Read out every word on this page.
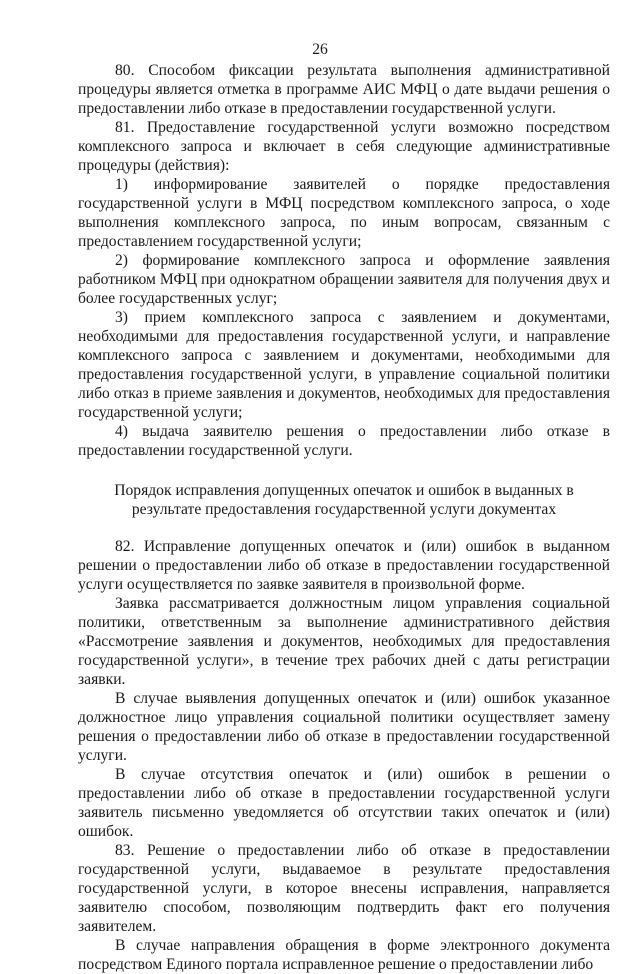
26

80. Способом фиксации результата выполнения административной процедуры является отметка в программе АИС МФЦ о дате выдачи решения о предоставлении либо отказе в предоставлении государственной услуги.

81. Предоставление государственной услуги возможно посредством комплексного запроса и включает в себя следующие административные процедуры (действия):

1) информирование заявителей о порядке предоставления государственной услуги в МФЦ посредством комплексного запроса, о ходе выполнения комплексного запроса, по иным вопросам, связанным с предоставлением государственной услуги;

2) формирование комплексного запроса и оформление заявления работником МФЦ при однократном обращении заявителя для получения двух и более государственных услуг;

3) прием комплексного запроса с заявлением и документами, необходимыми для предоставления государственной услуги, и направление комплексного запроса с заявлением и документами, необходимыми для предоставления государственной услуги, в управление социальной политики либо отказ в приеме заявления и документов, необходимых для предоставления государственной услуги;

4) выдача заявителю решения о предоставлении либо отказе в предоставлении государственной услуги.

Порядок исправления допущенных опечаток и ошибок в выданных в результате предоставления государственной услуги документах

82. Исправление допущенных опечаток и (или) ошибок в выданном решении о предоставлении либо об отказе в предоставлении государственной услуги осуществляется по заявке заявителя в произвольной форме.

Заявка рассматривается должностным лицом управления социальной политики, ответственным за выполнение административного действия «Рассмотрение заявления и документов, необходимых для предоставления государственной услуги», в течение трех рабочих дней с даты регистрации заявки.

В случае выявления допущенных опечаток и (или) ошибок указанное должностное лицо управления социальной политики осуществляет замену решения о предоставлении либо об отказе в предоставлении государственной услуги.

В случае отсутствия опечаток и (или) ошибок в решении о предоставлении либо об отказе в предоставлении государственной услуги заявитель письменно уведомляется об отсутствии таких опечаток и (или) ошибок.

83. Решение о предоставлении либо об отказе в предоставлении государственной услуги, выдаваемое в результате предоставления государственной услуги, в которое внесены исправления, направляется заявителю способом, позволяющим подтвердить факт его получения заявителем.

В случае направления обращения в форме электронного документа посредством Единого портала исправленное решение о предоставлении либо
